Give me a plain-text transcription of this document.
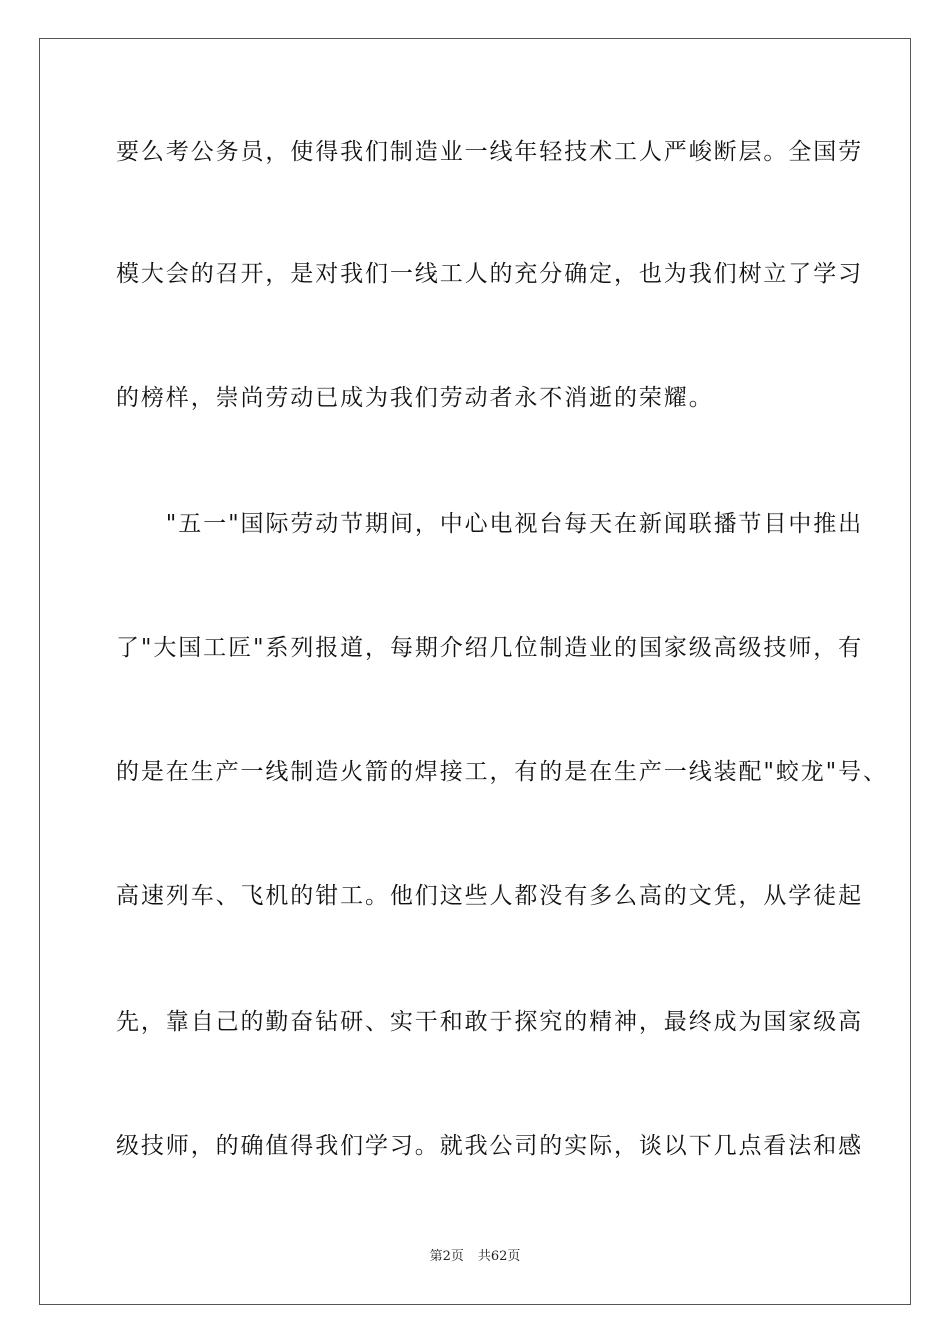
要么考公务员，使得我们制造业一线年轻技术工人严峻断层。全国劳
模大会的召开，是对我们一线工人的充分确定，也为我们树立了学习
的榜样，崇尚劳动已成为我们劳动者永不消逝的荣耀。
　　"五一"国际劳动节期间，中心电视台每天在新闻联播节目中推出
了"大国工匠"系列报道，每期介绍几位制造业的国家级高级技师，有
的是在生产一线制造火箭的焊接工，有的是在生产一线装配"蛟龙"号、
高速列车、飞机的钳工。他们这些人都没有多么高的文凭，从学徒起
先，靠自己的勤奋钻研、实干和敢于探究的精神，最终成为国家级高
级技师，的确值得我们学习。就我公司的实际，谈以下几点看法和感
第2页 共62页
